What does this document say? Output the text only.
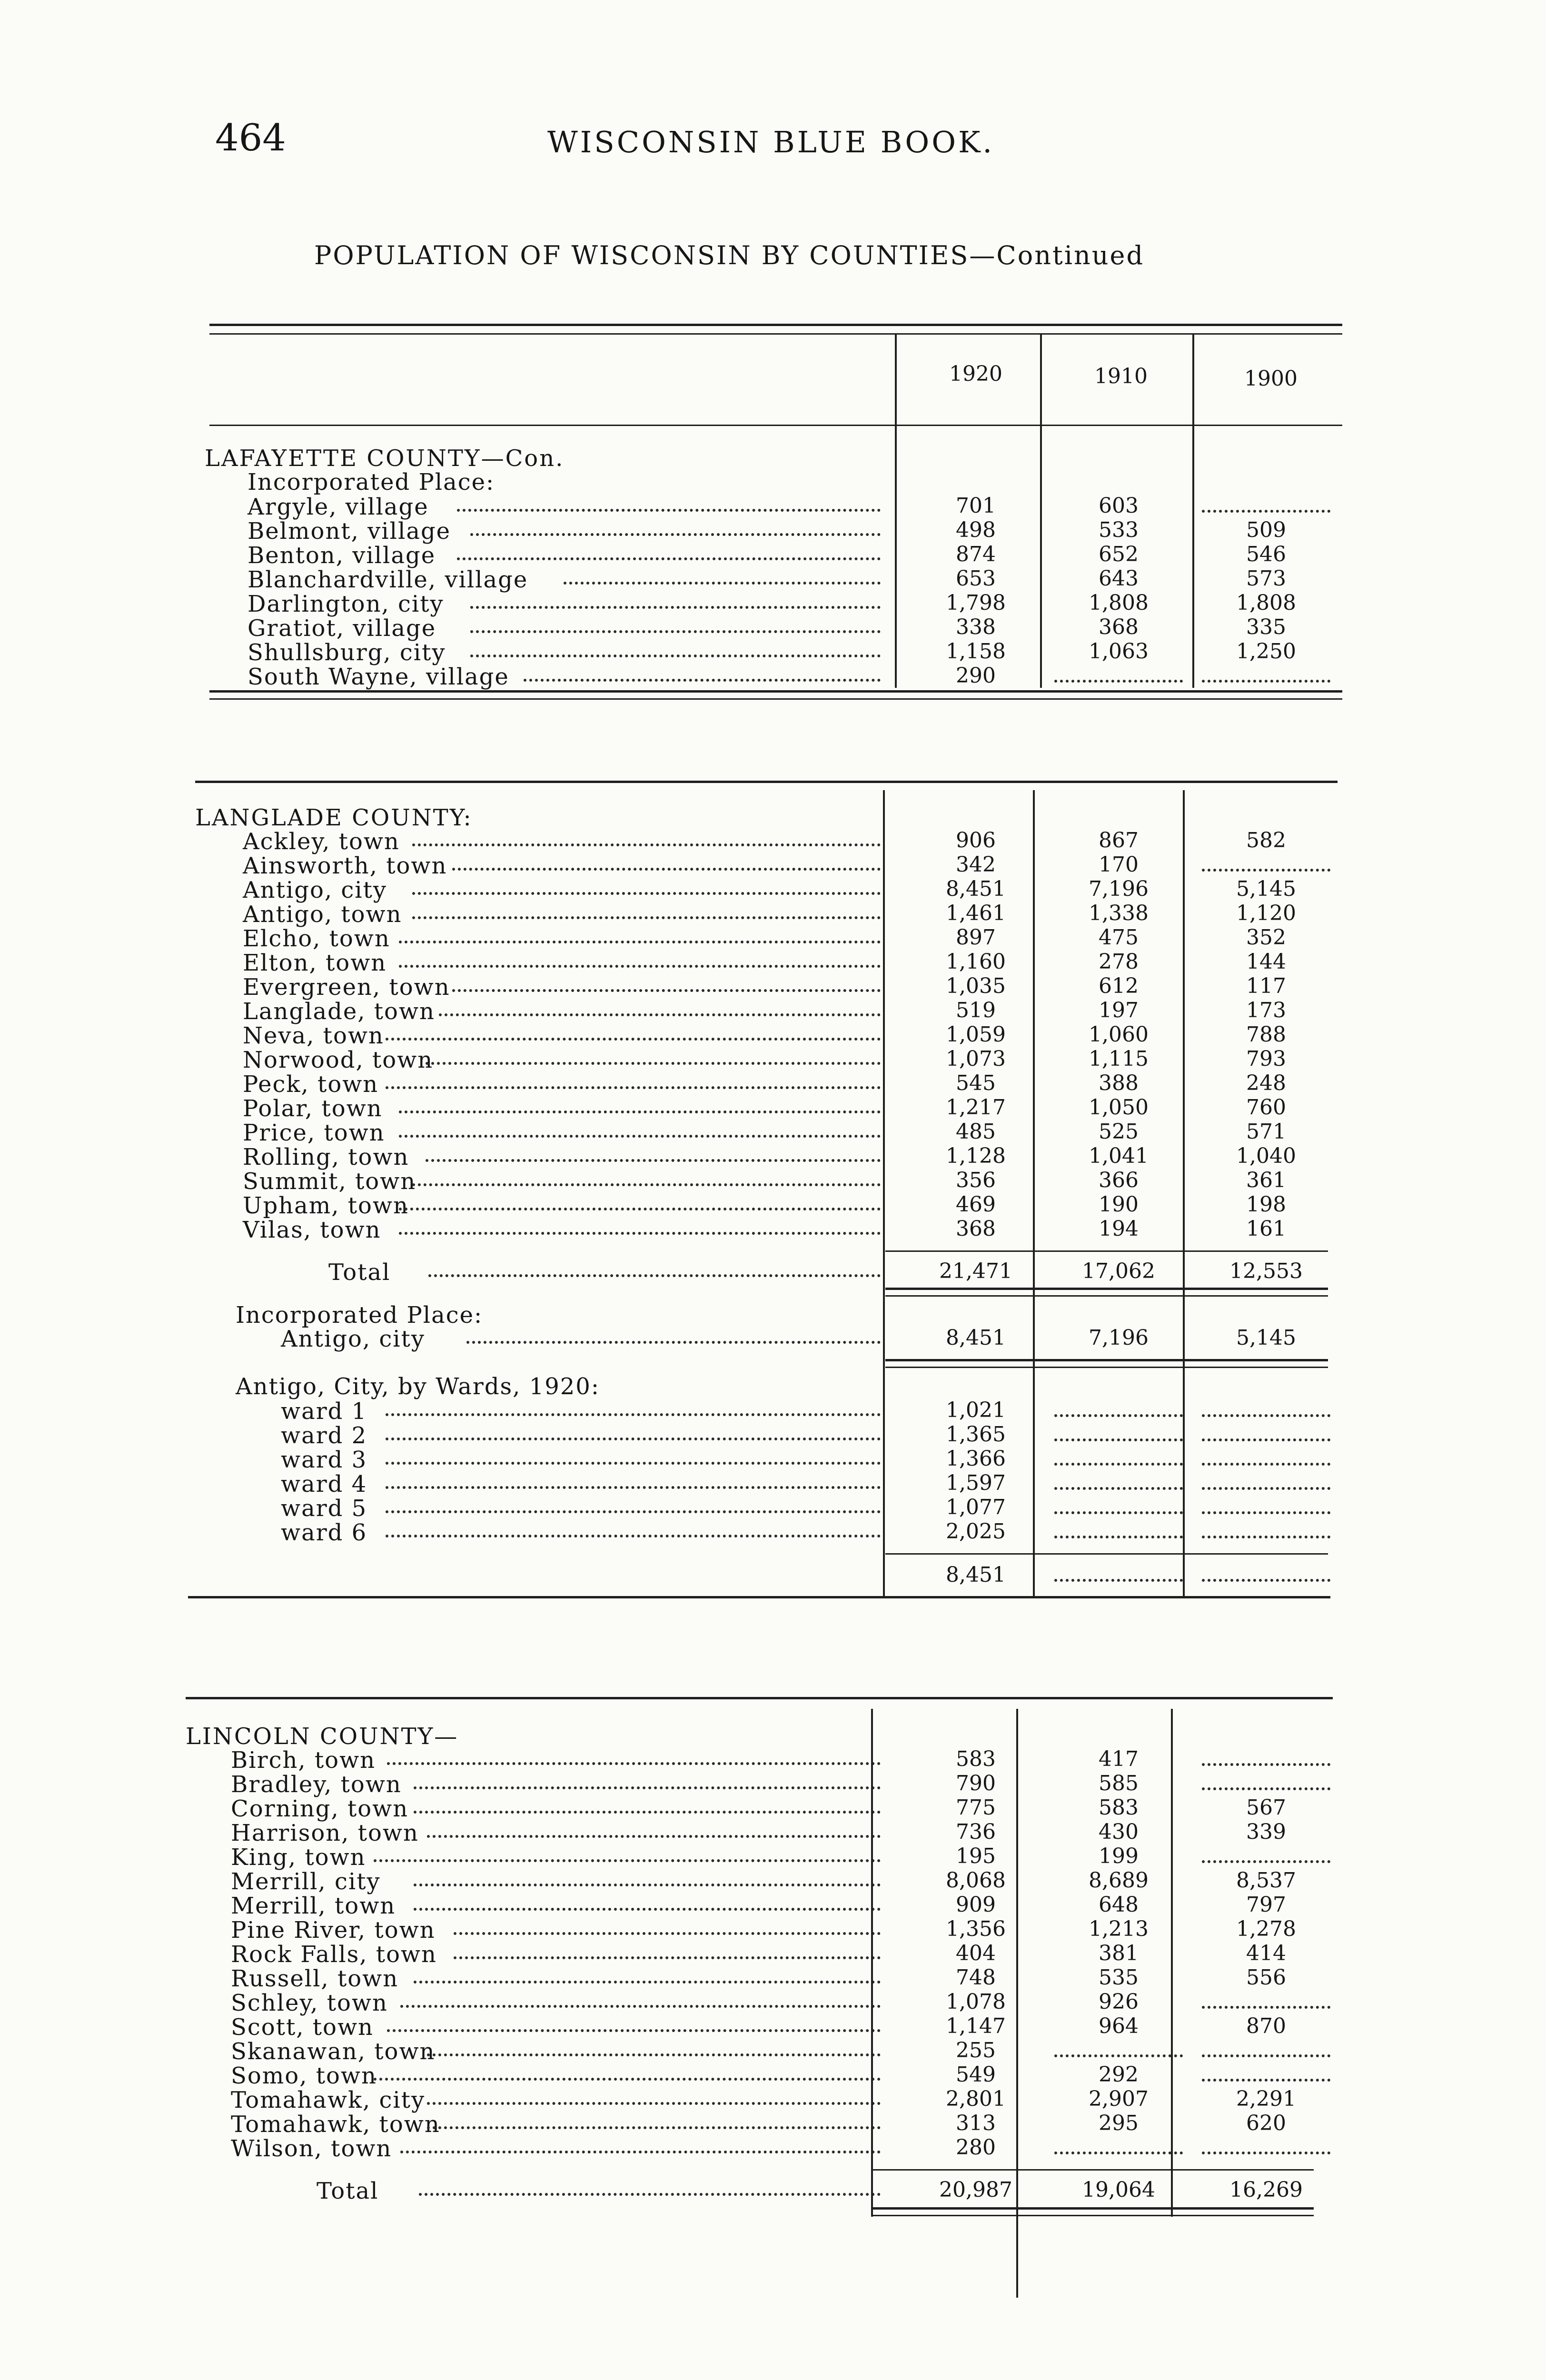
464	WISCONSIN BLUE BOOK.
POPULATION OF WISCONSIN BY COUNTIES—Continued
1920	1910	1900
LAFAYETTE COUNTY—Con.
Incorporated Place:
Argyle, village	701	603
Belmont, village	498	533	509
Benton, village	874	652	546
Blanchardville, village	653	643	573
Darlington, city	1,798	1,808	1,808
Gratiot, village	338	368	335
Shullsburg, city	1,158	1,063	1,250
South Wayne, village	290
LANGLADE COUNTY:
Ackley, town	906	867	582
Ainsworth, town	342	170
Antigo, city	8,451	7,196	5,145
Antigo, town	1,461	1,338	1,120
Elcho, town	897	475	352
Elton, town	1,160	278	144
Evergreen, town	1,035	612	117
Langlade, town	519	197	173
Neva, town	1,059	1,060	788
Norwood, town	1,073	1,115	793
Peck, town	545	388	248
Polar, town	1,217	1,050	760
Price, town	485	525	571
Rolling, town	1,128	1,041	1,040
Summit, town	356	366	361
Upham, town	469	190	198
Vilas, town	368	194	161
Total	21,471	17,062	12,553
Incorporated Place:
Antigo, city	8,451	7,196	5,145
Antigo, City, by Wards, 1920:
ward 1	1,021
ward 2	1,365
ward 3	1,366
ward 4	1,597
ward 5	1,077
ward 6	2,025
8,451
LINCOLN COUNTY—
Birch, town	583	417
Bradley, town	790	585
Corning, town	775	583	567
Harrison, town	736	430	339
King, town	195	199
Merrill, city	8,068	8,689	8,537
Merrill, town	909	648	797
Pine River, town	1,356	1,213	1,278
Rock Falls, town	404	381	414
Russell, town	748	535	556
Schley, town	1,078	926
Scott, town	1,147	964	870
Skanawan, town	255
Somo, town	549	292
Tomahawk, city	2,801	2,907	2,291
Tomahawk, town	313	295	620
Wilson, town	280
Total	20,987	19,064	16,269
